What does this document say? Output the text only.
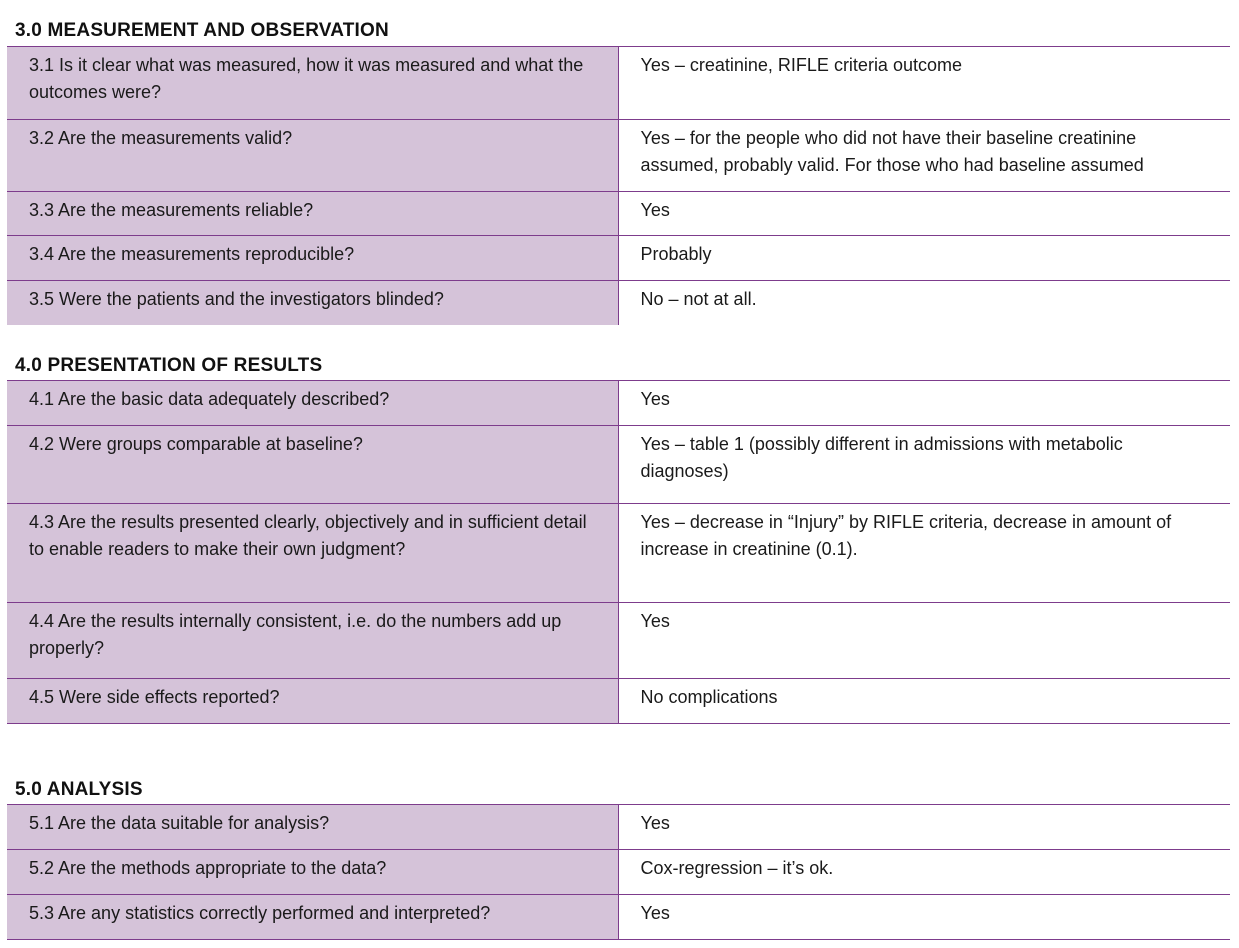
3.0 MEASUREMENT AND OBSERVATION
3.1 Is it clear what was measured, how it was measured and what the outcomes were?	Yes – creatinine, RIFLE criteria outcome

3.2 Are the measurements valid?	Yes – for the people who did not have their baseline creatinine assumed, probably valid. For those who had baseline assumed

3.3 Are the measurements reliable?	Yes

3.4 Are the measurements reproducible?	Probably

3.5 Were the patients and the investigators blinded?	No – not at all.
4.0 PRESENTATION OF RESULTS
4.1 Are the basic data adequately described?	Yes

4.2 Were groups comparable at baseline?	Yes – table 1 (possibly different in admissions with metabolic diagnoses)

4.3 Are the results presented clearly, objectively and in sufficient detail to enable readers to make their own judgment?	Yes – decrease in “Injury” by RIFLE criteria, decrease in amount of increase in creatinine (0.1).

4.4 Are the results internally consistent, i.e. do the numbers add up properly?	Yes

4.5 Were side effects reported?	No complications
5.0 ANALYSIS
5.1 Are the data suitable for analysis?	Yes

5.2 Are the methods appropriate to the data?	Cox-regression – it’s ok.

5.3 Are any statistics correctly performed and interpreted?	Yes
